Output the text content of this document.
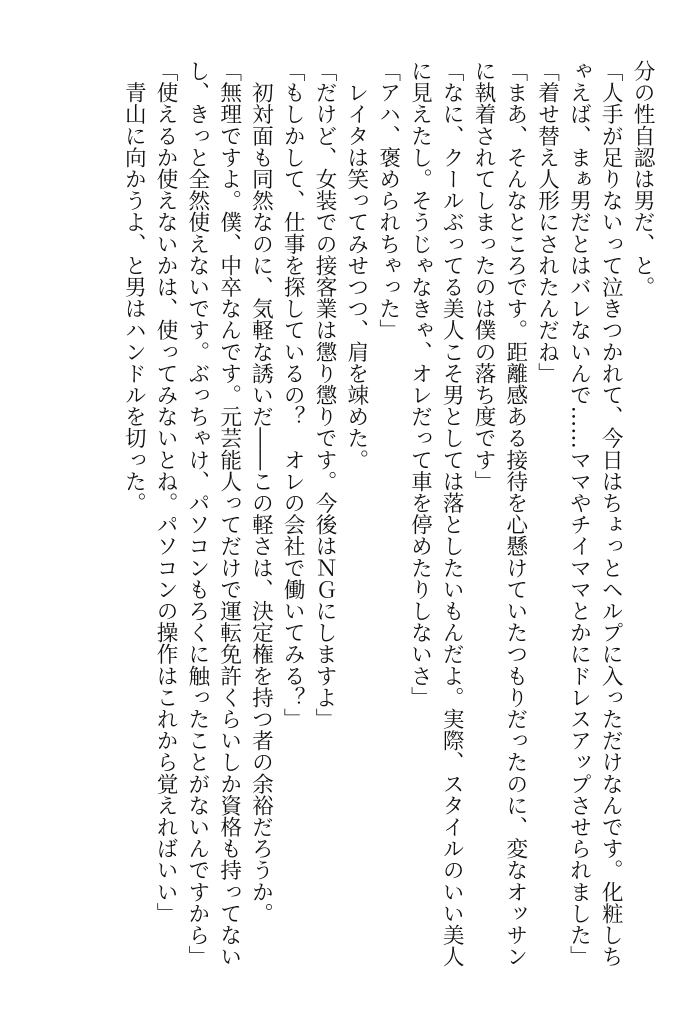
分の性自認は男だ、と。
「人手が足りないって泣きつかれて、今日はちょっとヘルプに入っただけなんです。化粧しち
ゃえば、まぁ男だとはバレないんで……ママやチイママとかにドレスアップさせられました」
「着せ替え人形にされたんだね」
「まあ、そんなところです。距離感ある接待を心懸けていたつもりだったのに、変なオッサン
に執着されてしまったのは僕の落ち度です」
「なに、クールぶってる美人こそ男としては落としたいもんだよ。実際、スタイルのいい美人
に見えたし。そうじゃなきゃ、オレだって車を停めたりしないさ」
「アハ、褒められちゃった」
　レイタは笑ってみせつつ、肩を竦めた。
「だけど、女装での接客業は懲り懲りです。今後はＮＧにしますよ」
「もしかして、仕事を探しているの？　オレの会社で働いてみる？」
　初対面も同然なのに、気軽な誘いだ――この軽さは、決定権を持つ者の余裕だろうか。
「無理ですよ。僕、中卒なんです。元芸能人ってだけで運転免許くらいしか資格も持ってない
し、きっと全然使えないです。ぶっちゃけ、パソコンもろくに触ったことがないんですから」
「使えるか使えないかは、使ってみないとね。パソコンの操作はこれから覚えればいい」
　青山に向かうよ、と男はハンドルを切った。
